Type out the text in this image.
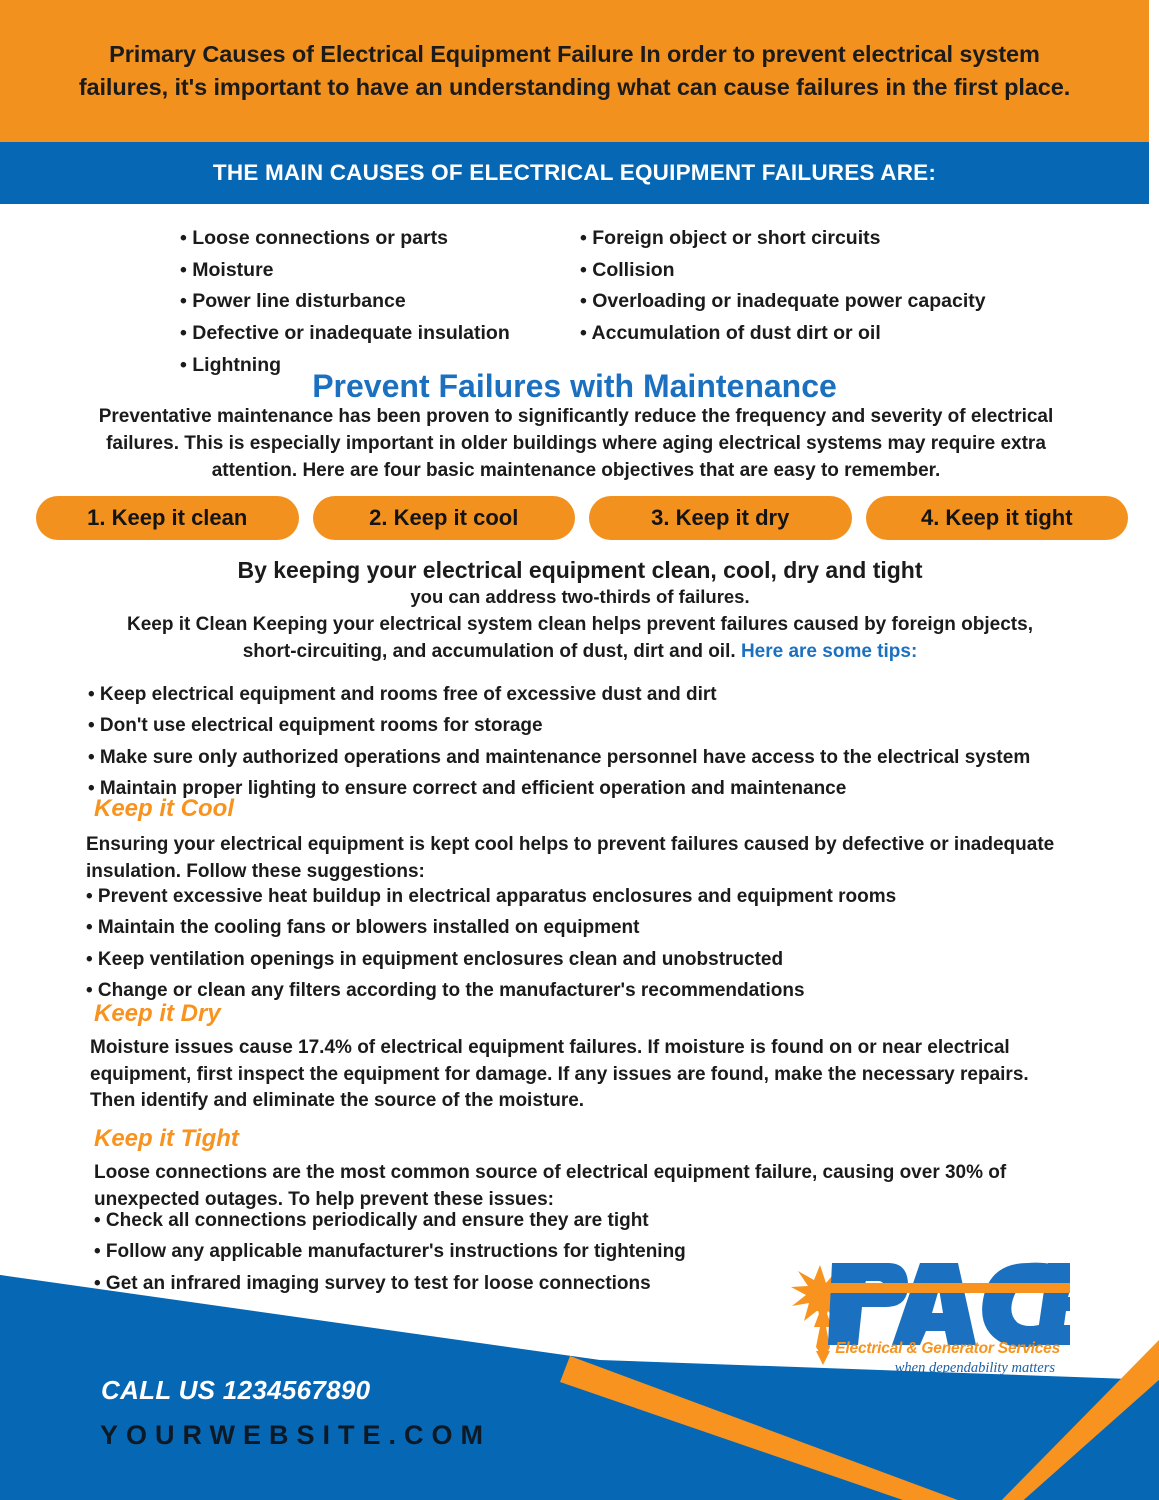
Primary Causes of Electrical Equipment Failure In order to prevent electrical system failures, it's important to have an understanding what can cause failures in the first place.
THE MAIN CAUSES OF ELECTRICAL EQUIPMENT FAILURES ARE:
• Loose connections or parts
• Moisture
• Power line disturbance
• Defective or inadequate insulation
• Lightning
• Foreign object or short circuits
• Collision
• Overloading or inadequate power capacity
• Accumulation of dust dirt or oil
Prevent Failures with Maintenance
Preventative maintenance has been proven to significantly reduce the frequency and severity of electrical failures. This is especially important in older buildings where aging electrical systems may require extra attention. Here are four basic maintenance objectives that are easy to remember.
1. Keep it clean	2. Keep it cool	3. Keep it dry	4. Keep it tight
By keeping your electrical equipment clean, cool, dry and tight
you can address two-thirds of failures.
Keep it Clean Keeping your electrical system clean helps prevent failures caused by foreign objects, short-circuiting, and accumulation of dust, dirt and oil. Here are some tips:
• Keep electrical equipment and rooms free of excessive dust and dirt
• Don't use electrical equipment rooms for storage
• Make sure only authorized operations and maintenance personnel have access to the electrical system
• Maintain proper lighting to ensure correct and efficient operation and maintenance
Keep it Cool
Ensuring your electrical equipment is kept cool helps to prevent failures caused by defective or inadequate insulation. Follow these suggestions:
• Prevent excessive heat buildup in electrical apparatus enclosures and equipment rooms
• Maintain the cooling fans or blowers installed on equipment
• Keep ventilation openings in equipment enclosures clean and unobstructed
• Change or clean any filters according to the manufacturer's recommendations
Keep it Dry
Moisture issues cause 17.4% of electrical equipment failures. If moisture is found on or near electrical equipment, first inspect the equipment for damage. If any issues are found, make the necessary repairs. Then identify and eliminate the source of the moisture.
Keep it Tight
Loose connections are the most common source of electrical equipment failure, causing over 30% of unexpected outages. To help prevent these issues:
• Check all connections periodically and ensure they are tight
• Follow any applicable manufacturer's instructions for tightening
• Get an infrared imaging survey to test for loose connections
Electrical & Generator Services
when dependability matters
CALL US 1234567890
YOURWEBSITE.COM
